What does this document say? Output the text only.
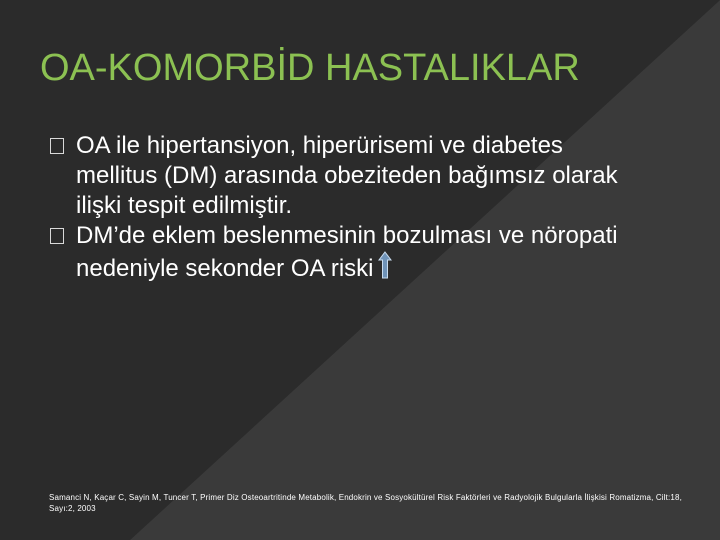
OA-KOMORBİD HASTALIKLAR
OA ile hipertansiyon, hiperürisemi ve diabetes mellitus (DM) arasında obeziteden bağımsız olarak ilişki tespit edilmiştir.
DM’de eklem beslenmesinin bozulması ve nöropati nedeniyle sekonder OA riski
Samanci N, Kaçar C, Sayin M, Tuncer T, Primer Diz Osteoartritinde Metabolik, Endokrin ve Sosyokültürel Risk Faktörleri ve Radyolojik Bulgularla İlişkisi Romatizma, Cilt:18, Sayı:2, 2003
